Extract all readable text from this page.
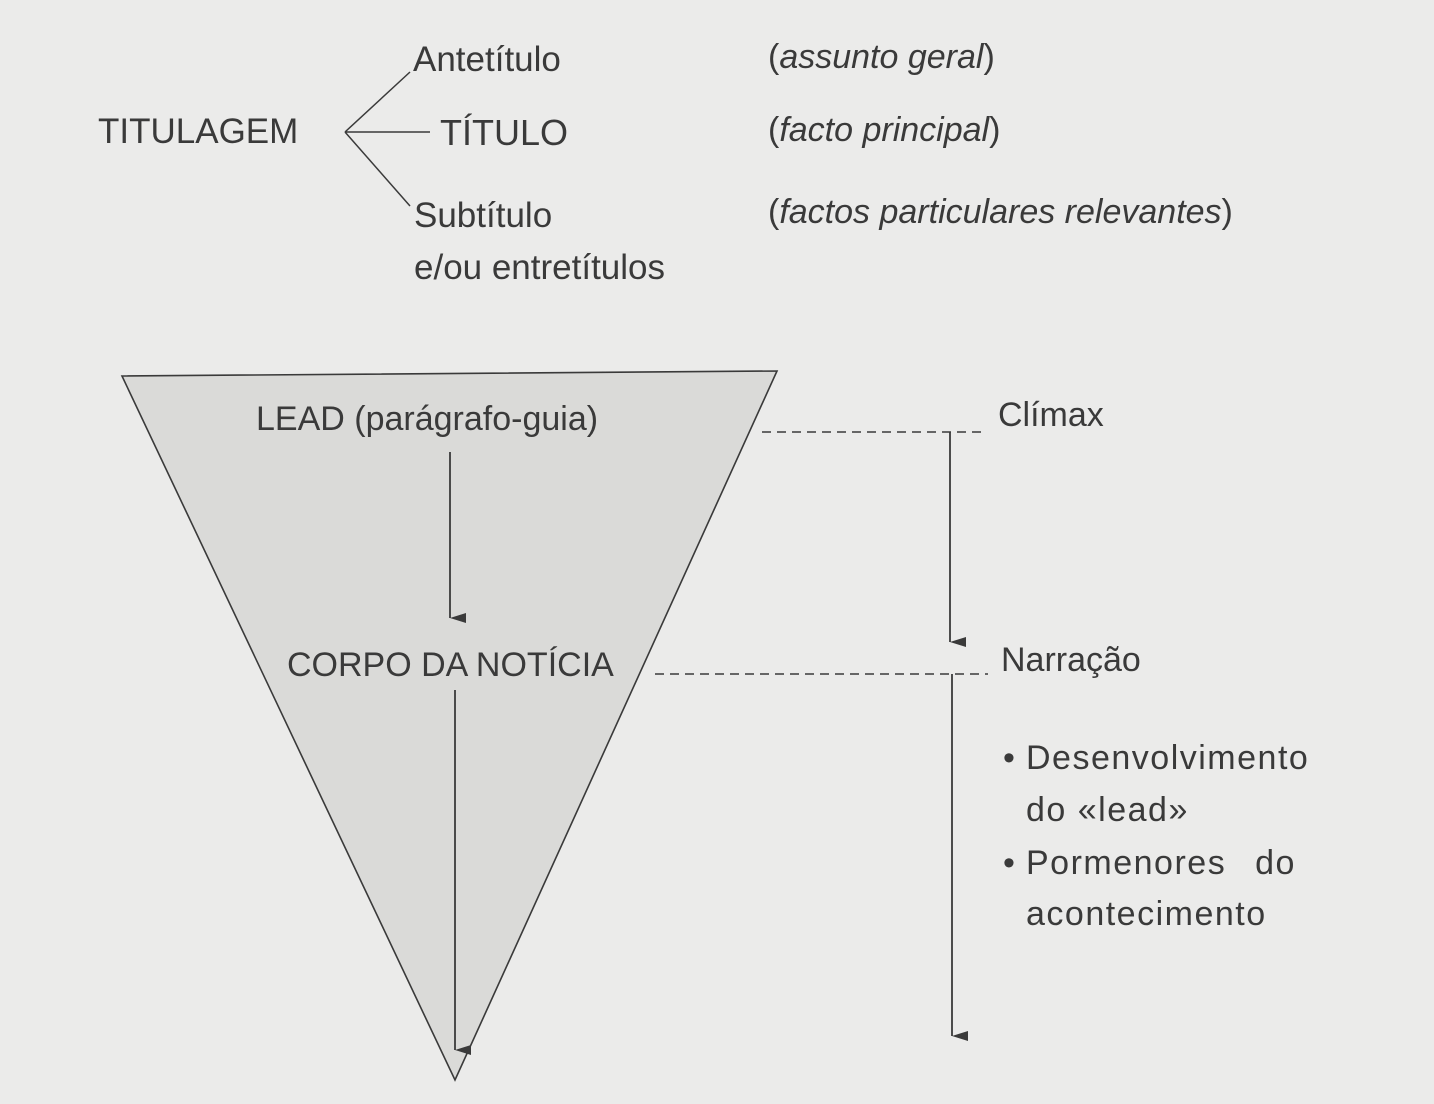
TITULAGEM
Antetítulo
TÍTULO
Subtítulo
e/ou entretítulos
(assunto geral)
(facto principal)
(factos particulares relevantes)
LEAD (parágrafo-guia)
CORPO DA NOTÍCIA
Clímax
Narração
• Desenvolvimento
do «lead»
• Pormenores do
acontecimento
